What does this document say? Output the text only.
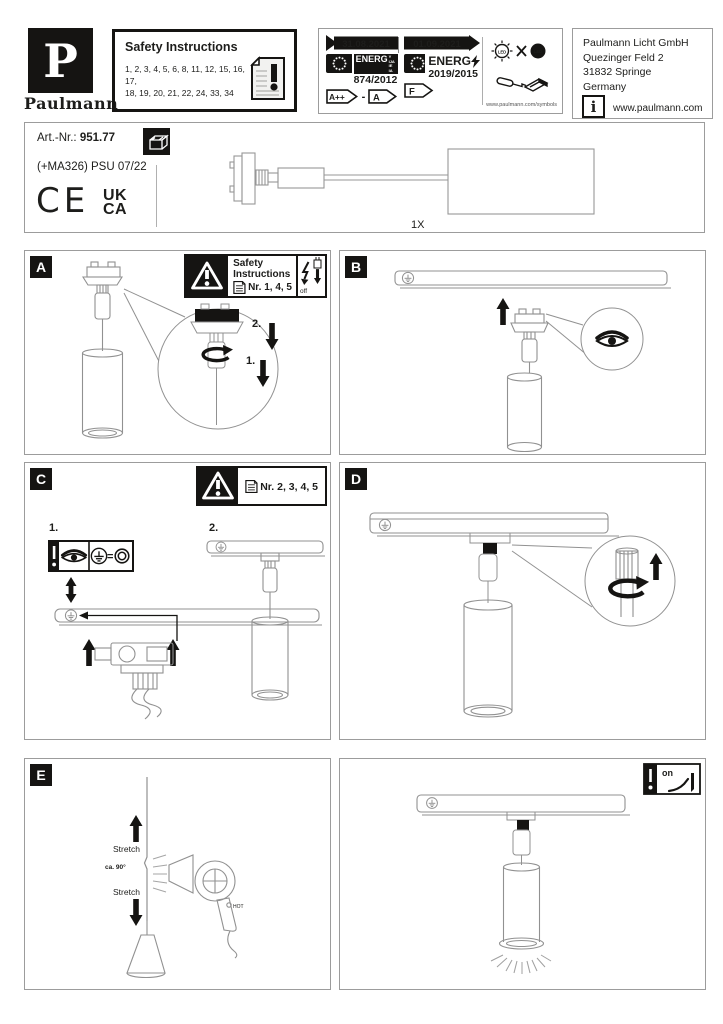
P
Paulmann
Safety Instructions
1, 2, 3, 4, 5, 6, 8, 11, 12, 15, 16, 17,
18, 19, 20, 21, 22, 24, 33, 34
31.08.2021
ENERG Y IJA
IE IA
874/2012
A++ - A
01.09.2021
ENERG
2019/2015
F
LED	LED
www.paulmann.com/symbols
Paulmann Licht GmbH
Quezinger Feld 2
31832 Springe
Germany
i www.paulmann.com
Art.-Nr.: 951.77
(+MA326) PSU 07/22
CE UK
CA
1X
A	Safety
Instructions
Nr. 1, 4, 5 off
2.
1.
B
C	Nr. 2, 3, 4, 5
1.
=
2.
D
E
Stretch
ca. 90°
Stretch
HOT
on
